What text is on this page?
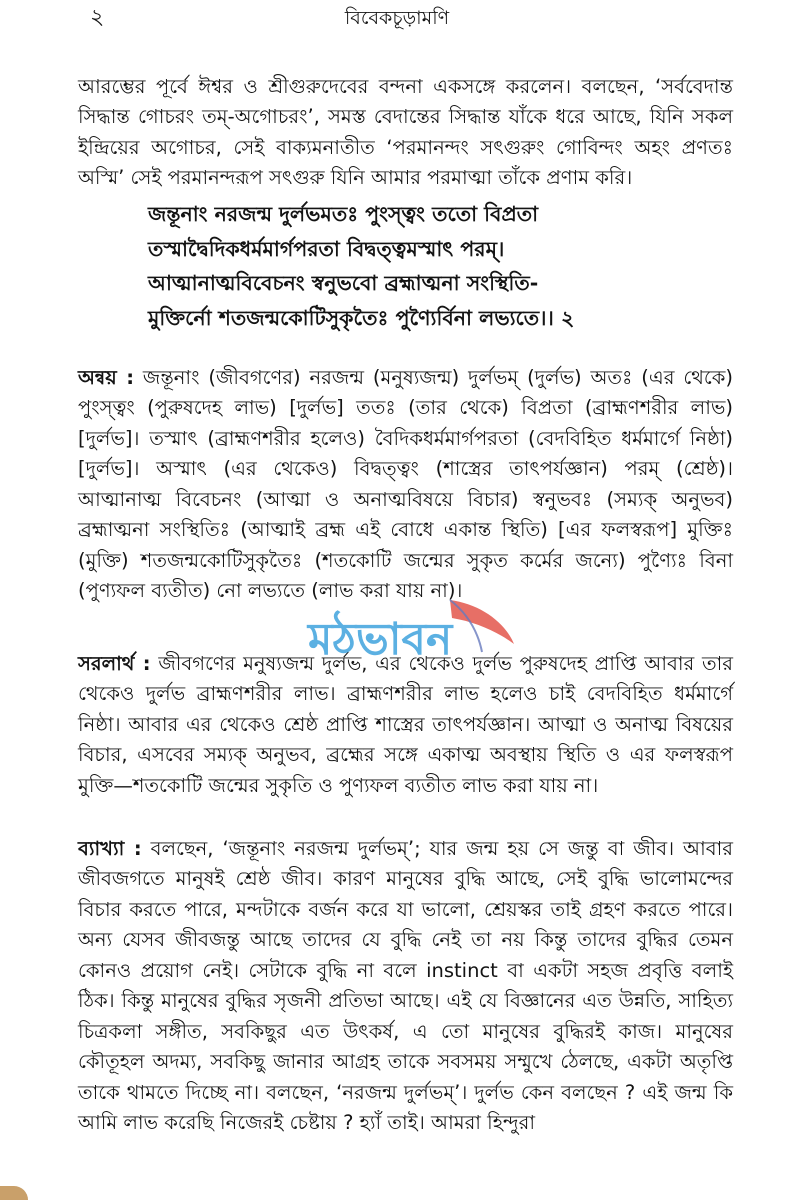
২	বিবেকচূড়ামণি

আরম্ভের পূর্বে ঈশ্বর ও শ্রীগুরুদেবের বন্দনা একসঙ্গে করলেন। বলছেন, ‘সর্ববেদান্ত সিদ্ধান্ত গোচরং তম্-অগোচরং’, সমস্ত বেদান্তের সিদ্ধান্ত যাঁকে ধরে আছে, যিনি সকল ইন্দ্রিয়ের অগোচর, সেই বাক্যমনাতীত ‘পরমানন্দং সৎগুরুং গোবিন্দং অহং প্রণতঃ অস্মি’ সেই পরমানন্দরূপ সৎগুরু যিনি আমার পরমাত্মা তাঁকে প্রণাম করি।

জন্তূনাং নরজন্ম দুর্লভমতঃ পুংস্ত্বং ততো বিপ্রতা
তস্মাদ্বৈদিকধর্মমার্গপরতা বিদ্বত্ত্বমস্মাৎ পরম্।
আত্মানাত্মবিবেচনং স্বনুভবো ব্রহ্মাত্মনা সংস্থিতি-
মুক্তির্নো শতজন্মকোটিসুকৃতৈঃ পুণ্যৈর্বিনা লভ্যতে।। ২

অন্বয় : জন্তূনাং (জীবগণের) নরজন্ম (মনুষ্যজন্ম) দুর্লভম্ (দুর্লভ) অতঃ (এর থেকে) পুংস্ত্বং (পুরুষদেহ লাভ) [দুর্লভ] ততঃ (তার থেকে) বিপ্রতা (ব্রাহ্মণশরীর লাভ) [দুর্লভ]। তস্মাৎ (ব্রাহ্মণশরীর হলেও) বৈদিকধর্মমার্গপরতা (বেদবিহিত ধর্মমার্গে নিষ্ঠা) [দুর্লভ]। অস্মাৎ (এর থেকেও) বিদ্বত্ত্বং (শাস্ত্রের তাৎপর্যজ্ঞান) পরম্ (শ্রেষ্ঠ)। আত্মানাত্ম বিবেচনং (আত্মা ও অনাত্মবিষয়ে বিচার) স্বনুভবঃ (সম্যক্ অনুভব) ব্রহ্মাত্মনা সংস্থিতিঃ (আত্মাই ব্রহ্ম এই বোধে একান্ত স্থিতি) [এর ফলস্বরূপ] মুক্তিঃ (মুক্তি) শতজন্মকোটিসুকৃতৈঃ (শতকোটি জন্মের সুকৃত কর্মের জন্যে) পুণ্যৈঃ বিনা (পুণ্যফল ব্যতীত) নো লভ্যতে (লাভ করা যায় না)।

সরলার্থ : জীবগণের মনুষ্যজন্ম দুর্লভ, এর থেকেও দুর্লভ পুরুষদেহ প্রাপ্তি আবার তার থেকেও দুর্লভ ব্রাহ্মণশরীর লাভ। ব্রাহ্মণশরীর লাভ হলেও চাই বেদবিহিত ধর্মমার্গে নিষ্ঠা। আবার এর থেকেও শ্রেষ্ঠ প্রাপ্তি শাস্ত্রের তাৎপর্যজ্ঞান। আত্মা ও অনাত্ম বিষয়ের বিচার, এসবের সম্যক্ অনুভব, ব্রহ্মের সঙ্গে একাত্ম অবস্থায় স্থিতি ও এর ফলস্বরূপ মুক্তি—শতকোটি জন্মের সুকৃতি ও পুণ্যফল ব্যতীত লাভ করা যায় না।

ব্যাখ্যা : বলছেন, ‘জন্তূনাং নরজন্ম দুর্লভম্’; যার জন্ম হয় সে জন্তু বা জীব। আবার জীবজগতে মানুষই শ্রেষ্ঠ জীব। কারণ মানুষের বুদ্ধি আছে, সেই বুদ্ধি ভালোমন্দের বিচার করতে পারে, মন্দটাকে বর্জন করে যা ভালো, শ্রেয়স্কর তাই গ্রহণ করতে পারে। অন্য যেসব জীবজন্তু আছে তাদের যে বুদ্ধি নেই তা নয় কিন্তু তাদের বুদ্ধির তেমন কোনও প্রয়োগ নেই। সেটাকে বুদ্ধি না বলে instinct বা একটা সহজ প্রবৃত্তি বলাই ঠিক। কিন্তু মানুষের বুদ্ধির সৃজনী প্রতিভা আছে। এই যে বিজ্ঞানের এত উন্নতি, সাহিত্য চিত্রকলা সঙ্গীত, সবকিছুর এত উৎকর্ষ, এ তো মানুষের বুদ্ধিরই কাজ। মানুষের কৌতূহল অদম্য, সবকিছু জানার আগ্রহ তাকে সবসময় সম্মুখে ঠেলছে, একটা অতৃপ্তি তাকে থামতে দিচ্ছে না। বলছেন, ‘নরজন্ম দুর্লভম্’। দুর্লভ কেন বলছেন ? এই জন্ম কি আমি লাভ করেছি নিজেরই চেষ্টায় ? হ্যাঁ তাই। আমরা হিন্দুরা

মঠভাবন
